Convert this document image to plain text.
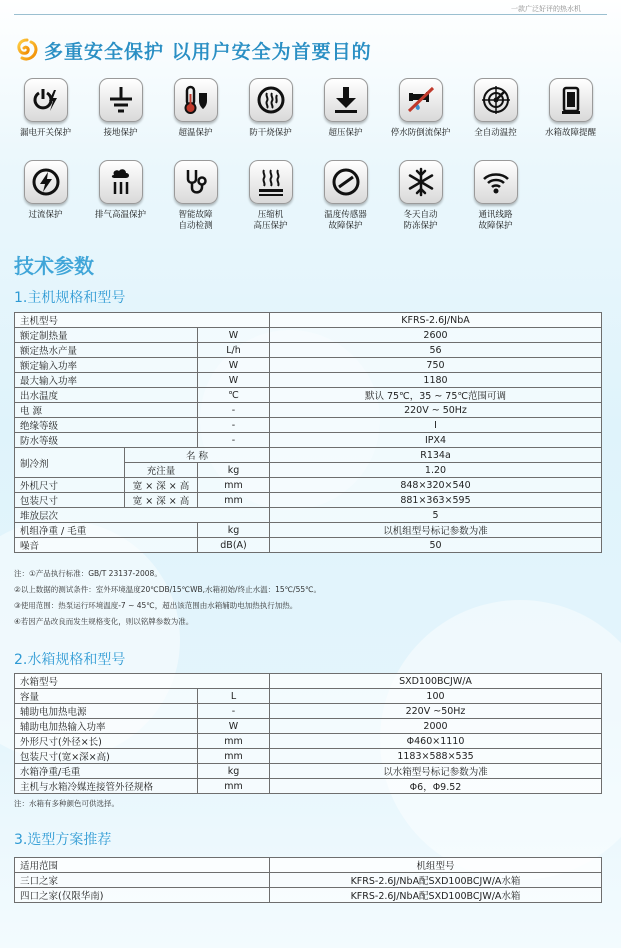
一款广泛好评的热水机
多重安全保护 以用户安全为首要目的
漏电开关保护	接地保护	超温保护	防干烧保护	超压保护	停水防倒流保护	全自动温控	水箱故障提醒
过流保护	排气高温保护	智能故障
自动检测
压缩机
高压保护
温度传感器
故障保护
冬天自动
防冻保护
通讯线路
故障保护
技术参数
1.主机规格和型号
主机型号			KFRS-2.6J/NbA
额定制热量		W	2600
额定热水产量		L/h	56
额定输入功率		W	750
最大输入功率		W	1180
出水温度		℃	默认 75℃，35 ~ 75℃范围可调
电 源		-	220V ~ 50Hz
绝缘等级		-	I
防水等级		-	IPX4
制冷剂	名 称		R134a
	充注量	kg	1.20
外机尺寸	宽 × 深 × 高	mm	848×320×540
包装尺寸	宽 × 深 × 高	mm	881×363×595
堆放层次			5
机组净重 / 毛重		kg	以机组型号标记参数为准
噪音		dB(A)	50
注：①产品执行标准：GB/T 23137-2008。
②以上数据的测试条件：室外环境温度20℃DB/15℃WB,水箱初始/终止水温：15℃/55℃。
③使用范围：热泵运行环境温度-7 ~ 45℃，超出该范围由水箱辅助电加热执行加热。
④若因产品改良而发生规格变化，则以铭牌参数为准。
2.水箱规格和型号
水箱型号		SXD100BCJW/A
容量	L	100
辅助电加热电源	-	220V ~50Hz
辅助电加热输入功率	W	2000
外形尺寸(外径×长)	mm	Φ460×1110
包装尺寸(宽×深×高)	mm	1183×588×535
水箱净重/毛重	kg	以水箱型号标记参数为准
主机与水箱冷媒连接管外径规格	mm	Φ6，Φ9.52
注：水箱有多种颜色可供选择。
3.选型方案推荐
适用范围	机组型号
三口之家	KFRS-2.6J/NbA配SXD100BCJW/A水箱
四口之家(仅限华南)	KFRS-2.6J/NbA配SXD100BCJW/A水箱
